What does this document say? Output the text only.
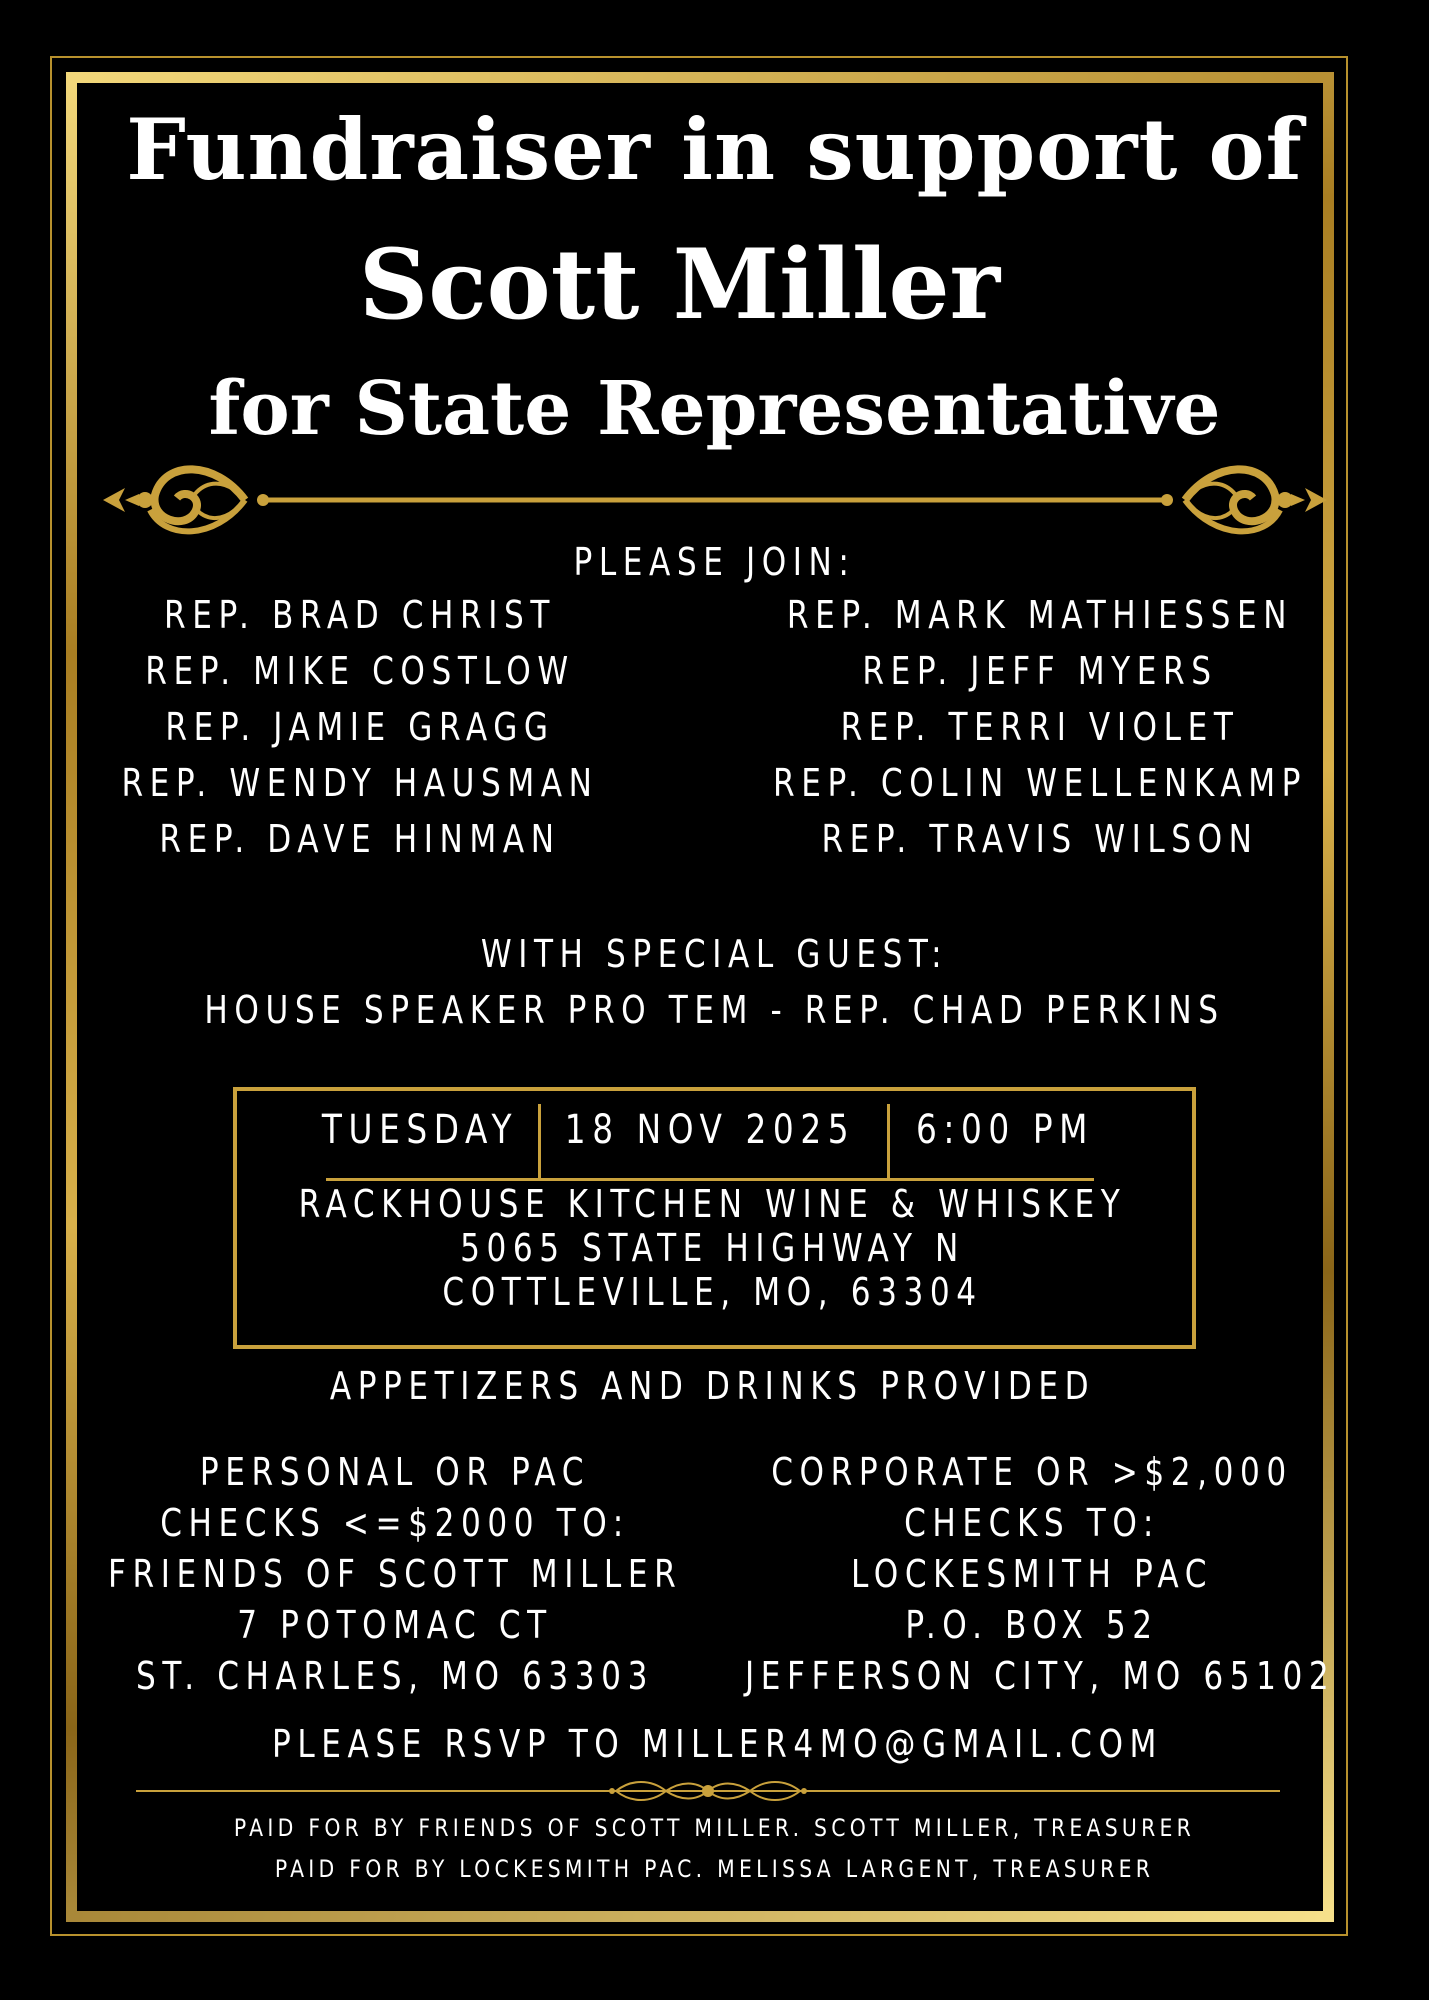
Fundraiser in support of
Scott Miller
for State Representative
PLEASE JOIN:
REP. BRAD CHRIST
REP. MIKE COSTLOW
REP. JAMIE GRAGG
REP. WENDY HAUSMAN
REP. DAVE HINMAN
REP. MARK MATHIESSEN
REP. JEFF MYERS
REP. TERRI VIOLET
REP. COLIN WELLENKAMP
REP. TRAVIS WILSON
WITH SPECIAL GUEST:
HOUSE SPEAKER PRO TEM - REP. CHAD PERKINS
TUESDAY 18 NOV 2025	6:00 PM
RACKHOUSE KITCHEN WINE & WHISKEY
5065 STATE HIGHWAY N
COTTLEVILLE, MO, 63304
APPETIZERS AND DRINKS PROVIDED
PERSONAL OR PAC
CHECKS <=$2000 TO:
FRIENDS OF SCOTT MILLER
7 POTOMAC CT
ST. CHARLES, MO 63303
CORPORATE OR >$2,000
CHECKS TO:
LOCKESMITH PAC
P.O. BOX 52
JEFFERSON CITY, MO 65102
PLEASE RSVP TO MILLER4MO@GMAIL.COM
PAID FOR BY FRIENDS OF SCOTT MILLER. SCOTT MILLER, TREASURER
PAID FOR BY LOCKESMITH PAC. MELISSA LARGENT, TREASURER
